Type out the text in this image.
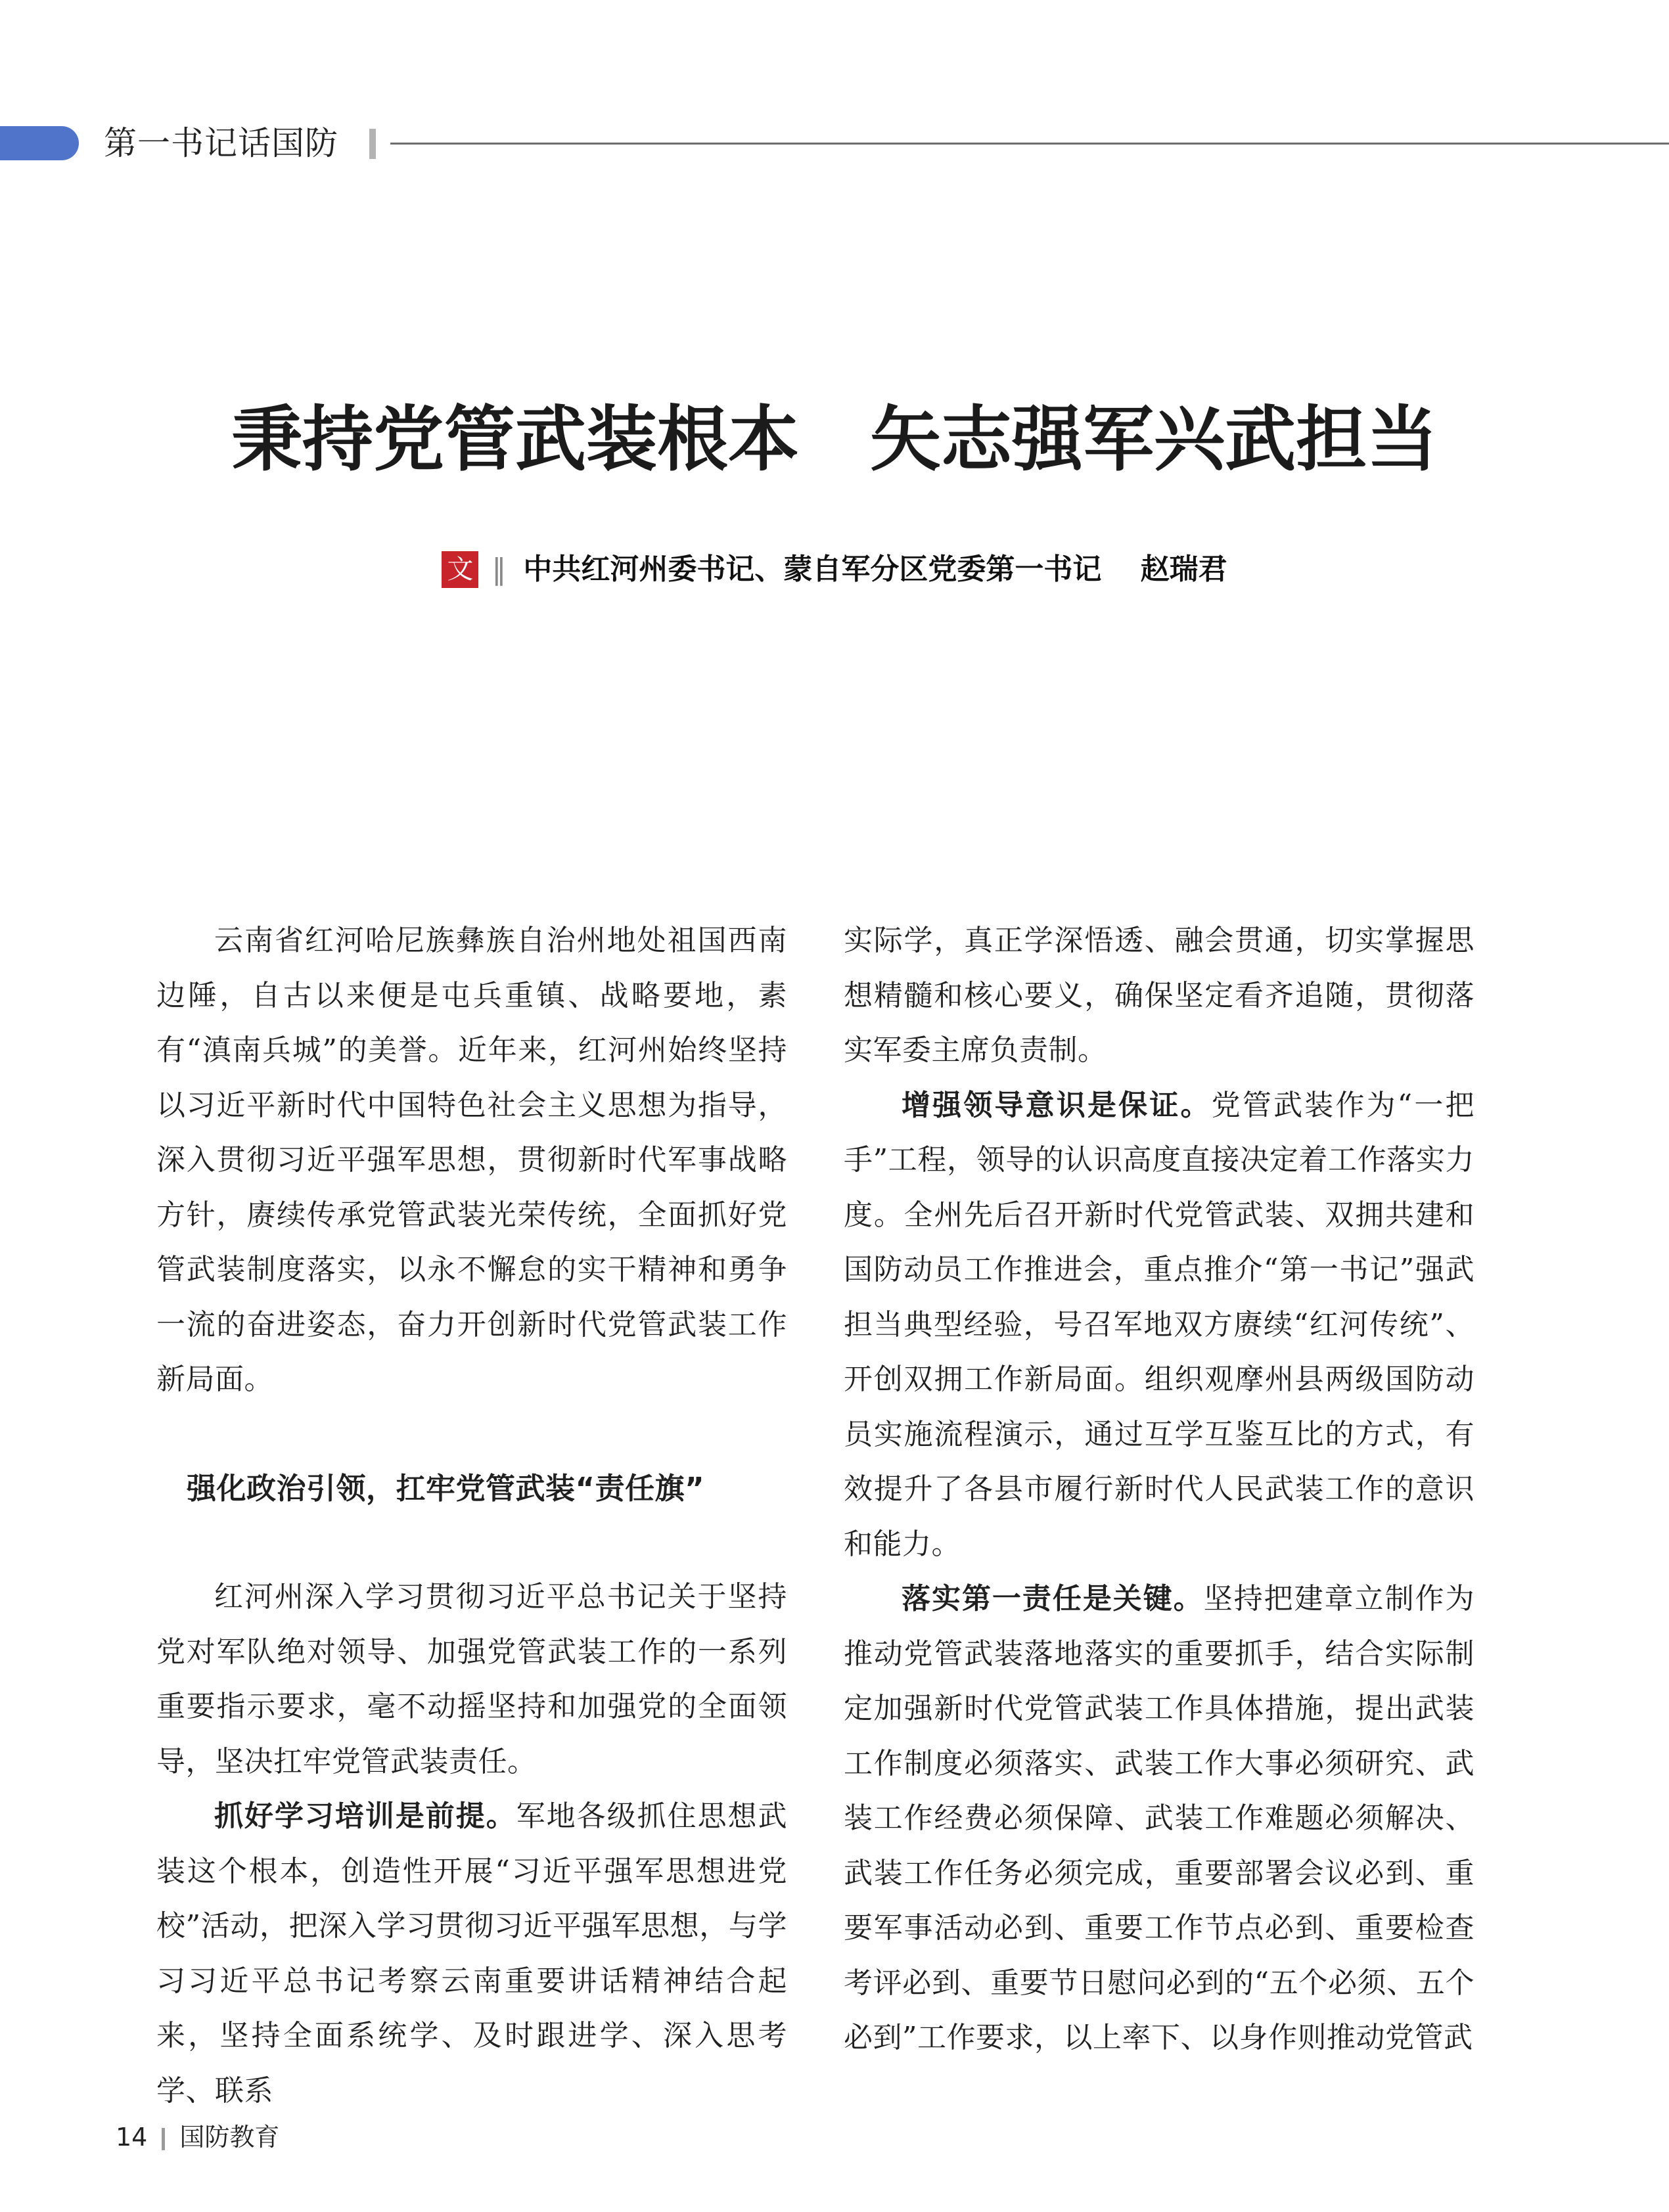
第一书记话国防
秉持党管武装根本　矢志强军兴武担当
文 ‖ 中共红河州委书记、蒙自军分区党委第一书记　 赵瑞君

云南省红河哈尼族彝族自治州地处祖国西南边陲，自古以来便是屯兵重镇、战略要地，素有“滇南兵城”的美誉。近年来，红河州始终坚持以习近平新时代中国特色社会主义思想为指导，深入贯彻习近平强军思想，贯彻新时代军事战略方针，赓续传承党管武装光荣传统，全面抓好党管武装制度落实，以永不懈怠的实干精神和勇争一流的奋进姿态，奋力开创新时代党管武装工作新局面。

强化政治引领，扛牢党管武装“责任旗”

红河州深入学习贯彻习近平总书记关于坚持党对军队绝对领导、加强党管武装工作的一系列重要指示要求，毫不动摇坚持和加强党的全面领导，坚决扛牢党管武装责任。

抓好学习培训是前提。军地各级抓住思想武装这个根本，创造性开展“习近平强军思想进党校”活动，把深入学习贯彻习近平强军思想，与学习习近平总书记考察云南重要讲话精神结合起来，坚持全面系统学、及时跟进学、深入思考学、联系

实际学，真正学深悟透、融会贯通，切实掌握思想精髓和核心要义，确保坚定看齐追随，贯彻落实军委主席负责制。

增强领导意识是保证。党管武装作为“一把手”工程，领导的认识高度直接决定着工作落实力度。全州先后召开新时代党管武装、双拥共建和国防动员工作推进会，重点推介“第一书记”强武担当典型经验，号召军地双方赓续“红河传统”、开创双拥工作新局面。组织观摩州县两级国防动员实施流程演示，通过互学互鉴互比的方式，有效提升了各县市履行新时代人民武装工作的意识和能力。

落实第一责任是关键。坚持把建章立制作为推动党管武装落地落实的重要抓手，结合实际制定加强新时代党管武装工作具体措施，提出武装工作制度必须落实、武装工作大事必须研究、武装工作经费必须保障、武装工作难题必须解决、武装工作任务必须完成，重要部署会议必到、重要军事活动必到、重要工作节点必到、重要检查考评必到、重要节日慰问必到的“五个必须、五个必到”工作要求，以上率下、以身作则推动党管武

14 国防教育
